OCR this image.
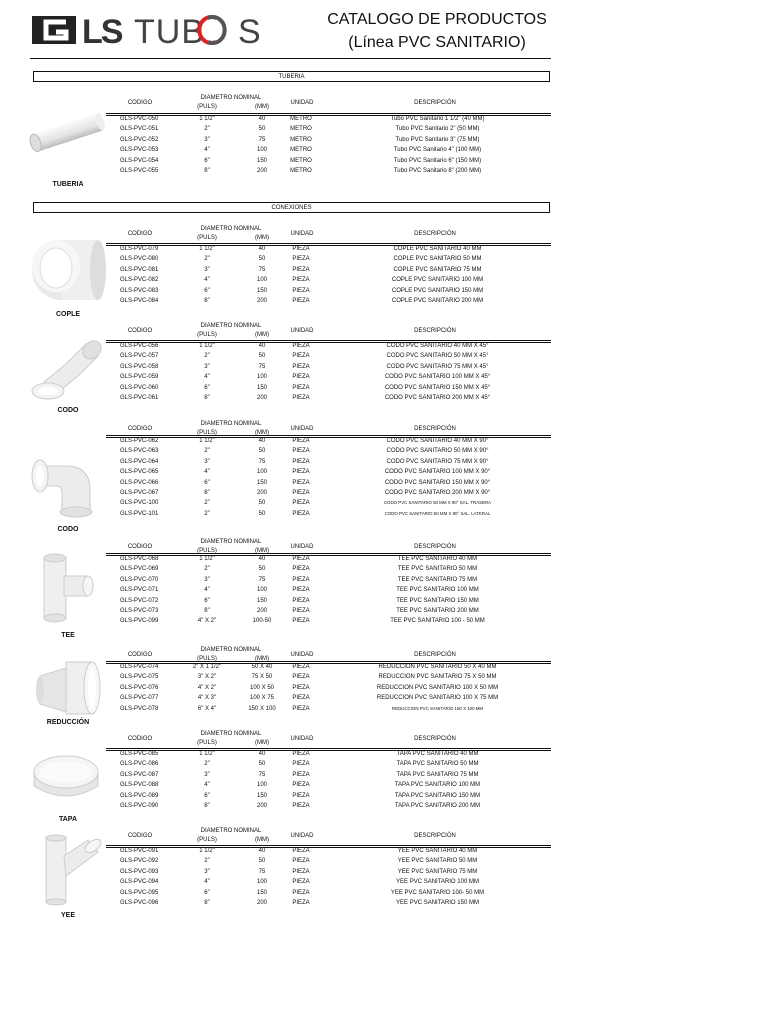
LS TUB S	CATALOGO DE PRODUCTOS
(Línea PVC SANITARIO)
TUBERIA
CONEXIONES
TUBERIA
CODIGO
DIAMETRO NOMINAL
(PULS)	(MM)
UNIDAD	DESCRIPCIÓN
GLS-PVC-050	1 1/2"	40	METRO	Tubo PVC Sanitario 1 1/2" (40 MM)
GLS-PVC-051	2"	50	METRO	Tubo PVC Sanitario 2" (50 MM)
GLS-PVC-052	3"	75	METRO	Tubo PVC Sanitario 3" (75 MM)
GLS-PVC-053	4"	100	METRO	Tubo PVC Sanitario 4" (100 MM)
GLS-PVC-054	6"	150	METRO	Tubo PVC Sanitario 6" (150 MM)
GLS-PVC-055	8"	200	METRO	Tubo PVC Sanitario 8" (200 MM)
COPLE
CODIGO
DIAMETRO NOMINAL
(PULS)	(MM)
UNIDAD	DESCRIPCIÓN
GLS-PVC-079	1 1/2"	40	PIEZA	COPLE PVC SANITARIO 40 MM
GLS-PVC-080	2"	50	PIEZA	COPLE PVC SANITARIO 50 MM
GLS-PVC-081	3"	75	PIEZA	COPLE PVC SANITARIO 75 MM
GLS-PVC-082	4"	100	PIEZA	COPLE PVC SANITARIO 100 MM
GLS-PVC-083	6"	150	PIEZA	COPLE PVC SANITARIO 150 MM
GLS-PVC-084	8"	200	PIEZA	COPLE PVC SANITARIO 200 MM
CODO
CODIGO
DIAMETRO NOMINAL
(PULS)	(MM)
UNIDAD	DESCRIPCIÓN
GLS-PVC-056	1 1/2"	40	PIEZA	CODO PVC SANITARIO 40 MM X 45°
GLS-PVC-057	2"	50	PIEZA	CODO PVC SANITARIO 50 MM X 45°
GLS-PVC-058	3"	75	PIEZA	CODO PVC SANITARIO 75 MM X 45°
GLS-PVC-059	4"	100	PIEZA	CODO PVC SANITARIO 100 MM X 45°
GLS-PVC-060	6"	150	PIEZA	CODO PVC SANITARIO 150 MM X 45°
GLS-PVC-061	8"	200	PIEZA	CODO PVC SANITARIO 200 MM X 45°
CODO
CODIGO
DIAMETRO NOMINAL
(PULS)	(MM)
UNIDAD	DESCRIPCIÓN
GLS-PVC-062	1 1/2"	40	PIEZA	CODO PVC SANITARIO 40 MM X 90°
GLS-PVC-063	2"	50	PIEZA	CODO PVC SANITARIO 50 MM X 90°
GLS-PVC-064	3"	75	PIEZA	CODO PVC SANITARIO 75 MM X 90°
GLS-PVC-065	4"	100	PIEZA	CODO PVC SANITARIO 100 MM X 90°
GLS-PVC-066	6"	150	PIEZA	CODO PVC SANITARIO 150 MM X 90°
GLS-PVC-067	8"	200	PIEZA	CODO PVC SANITARIO 200 MM X 90°
GLS-PVC-100	2"	50	PIEZA	CODO PVC SANITARIO 50 MM X 90° SAL. TRASERA
GLS-PVC-101	2"	50	PIEZA	CODO PVC SANITARIO 50 MM X 90° SAL. LATERAL
TEE
CODIGO
DIAMETRO NOMINAL
(PULS)	(MM)
UNIDAD	DESCRIPCIÓN
GLS-PVC-068	1 1/2"	40	PIEZA	TEE PVC SANITARIO 40 MM
GLS-PVC-069	2"	50	PIEZA	TEE PVC SANITARIO 50 MM
GLS-PVC-070	3"	75	PIEZA	TEE PVC SANITARIO 75 MM
GLS-PVC-071	4"	100	PIEZA	TEE PVC SANITARIO 100 MM
GLS-PVC-072	6"	150	PIEZA	TEE PVC SANITARIO 150 MM
GLS-PVC-073	8"	200	PIEZA	TEE PVC SANITARIO 200 MM
GLS-PVC-099	4" X 2"	100-50	PIEZA	TEE PVC SANITARIO 100 - 50 MM
REDUCCIÓN
CODIGO
DIAMETRO NOMINAL
(PULS)	(MM)
UNIDAD	DESCRIPCIÓN
GLS-PVC-074	2" X 1 1/2"	50 X 40	PIEZA	REDUCCION PVC SANITARIO 50 X 40 MM
GLS-PVC-075	3" X 2"	75 X 50	PIEZA	REDUCCION PVC SANITARIO 75 X 50 MM
GLS-PVC-076	4" X 2"	100 X 50	PIEZA	REDUCCION PVC SANITARIO 100 X 50 MM
GLS-PVC-077	4" X 3"	100 X 75	PIEZA	REDUCCION PVC SANITARIO 100 X 75 MM
GLS-PVC-078	6" X 4"	150 X 100	PIEZA	REDUCCION PVC SANITARIO 150 X 100 MM
TAPA
CODIGO
DIAMETRO NOMINAL
(PULS)	(MM)
UNIDAD	DESCRIPCIÓN
GLS-PVC-085	1 1/2"	40	PIEZA	TAPA PVC SANITARIO 40 MM
GLS-PVC-086	2"	50	PIEZA	TAPA PVC SANITARIO 50 MM
GLS-PVC-087	3"	75	PIEZA	TAPA PVC SANITARIO 75 MM
GLS-PVC-088	4"	100	PIEZA	TAPA PVC SANITARIO 100 MM
GLS-PVC-089	6"	150	PIEZA	TAPA PVC SANITARIO 150 MM
GLS-PVC-090	8"	200	PIEZA	TAPA PVC SANITARIO 200 MM
YEE
CODIGO
DIAMETRO NOMINAL
(PULS)	(MM)
UNIDAD	DESCRIPCIÓN
GLS-PVC-091	1 1/2"	40	PIEZA	YEE PVC SANITARIO 40 MM
GLS-PVC-092	2"	50	PIEZA	YEE PVC SANITARIO 50 MM
GLS-PVC-093	3"	75	PIEZA	YEE PVC SANITARIO 75 MM
GLS-PVC-094	4"	100	PIEZA	YEE PVC SANITARIO 100 MM
GLS-PVC-095	6"	150	PIEZA	YEE PVC SANITARIO 100- 50 MM
GLS-PVC-096	8"	200	PIEZA	YEE PVC SANITARIO 150 MM
